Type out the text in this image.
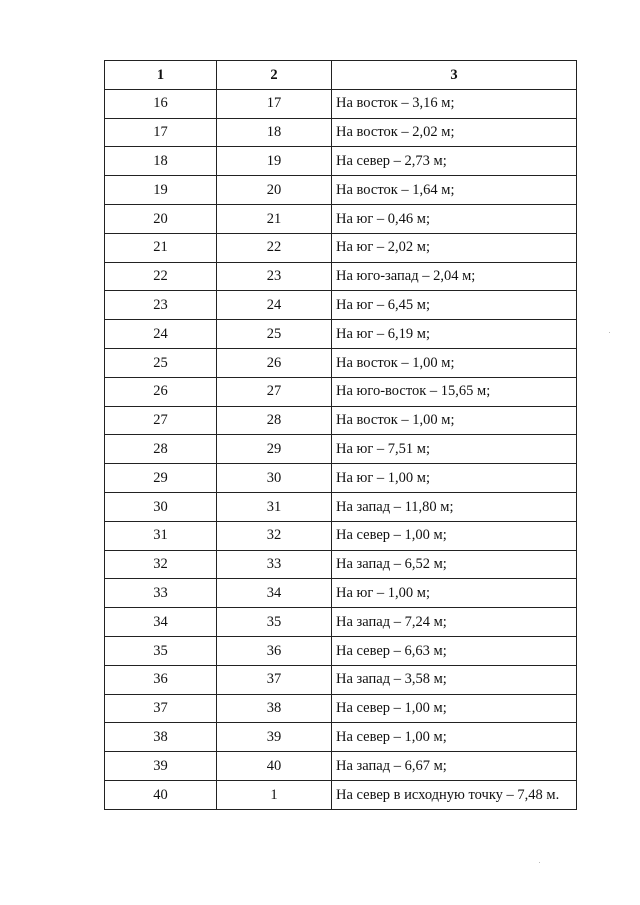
1	2	3
16	17	На восток – 3,16 м;
17	18	На восток – 2,02 м;
18	19	На север – 2,73 м;
19	20	На восток – 1,64 м;
20	21	На юг – 0,46 м;
21	22	На юг – 2,02 м;
22	23	На юго-запад – 2,04 м;
23	24	На юг – 6,45 м;
24	25	На юг – 6,19 м;
25	26	На восток – 1,00 м;
26	27	На юго-восток – 15,65 м;
27	28	На восток – 1,00 м;
28	29	На юг – 7,51 м;
29	30	На юг – 1,00 м;
30	31	На запад – 11,80 м;
31	32	На север – 1,00 м;
32	33	На запад – 6,52 м;
33	34	На юг – 1,00 м;
34	35	На запад – 7,24 м;
35	36	На север – 6,63 м;
36	37	На запад – 3,58 м;
37	38	На север – 1,00 м;
38	39	На север – 1,00 м;
39	40	На запад – 6,67 м;
40	1	На север в исходную точку – 7,48 м.
